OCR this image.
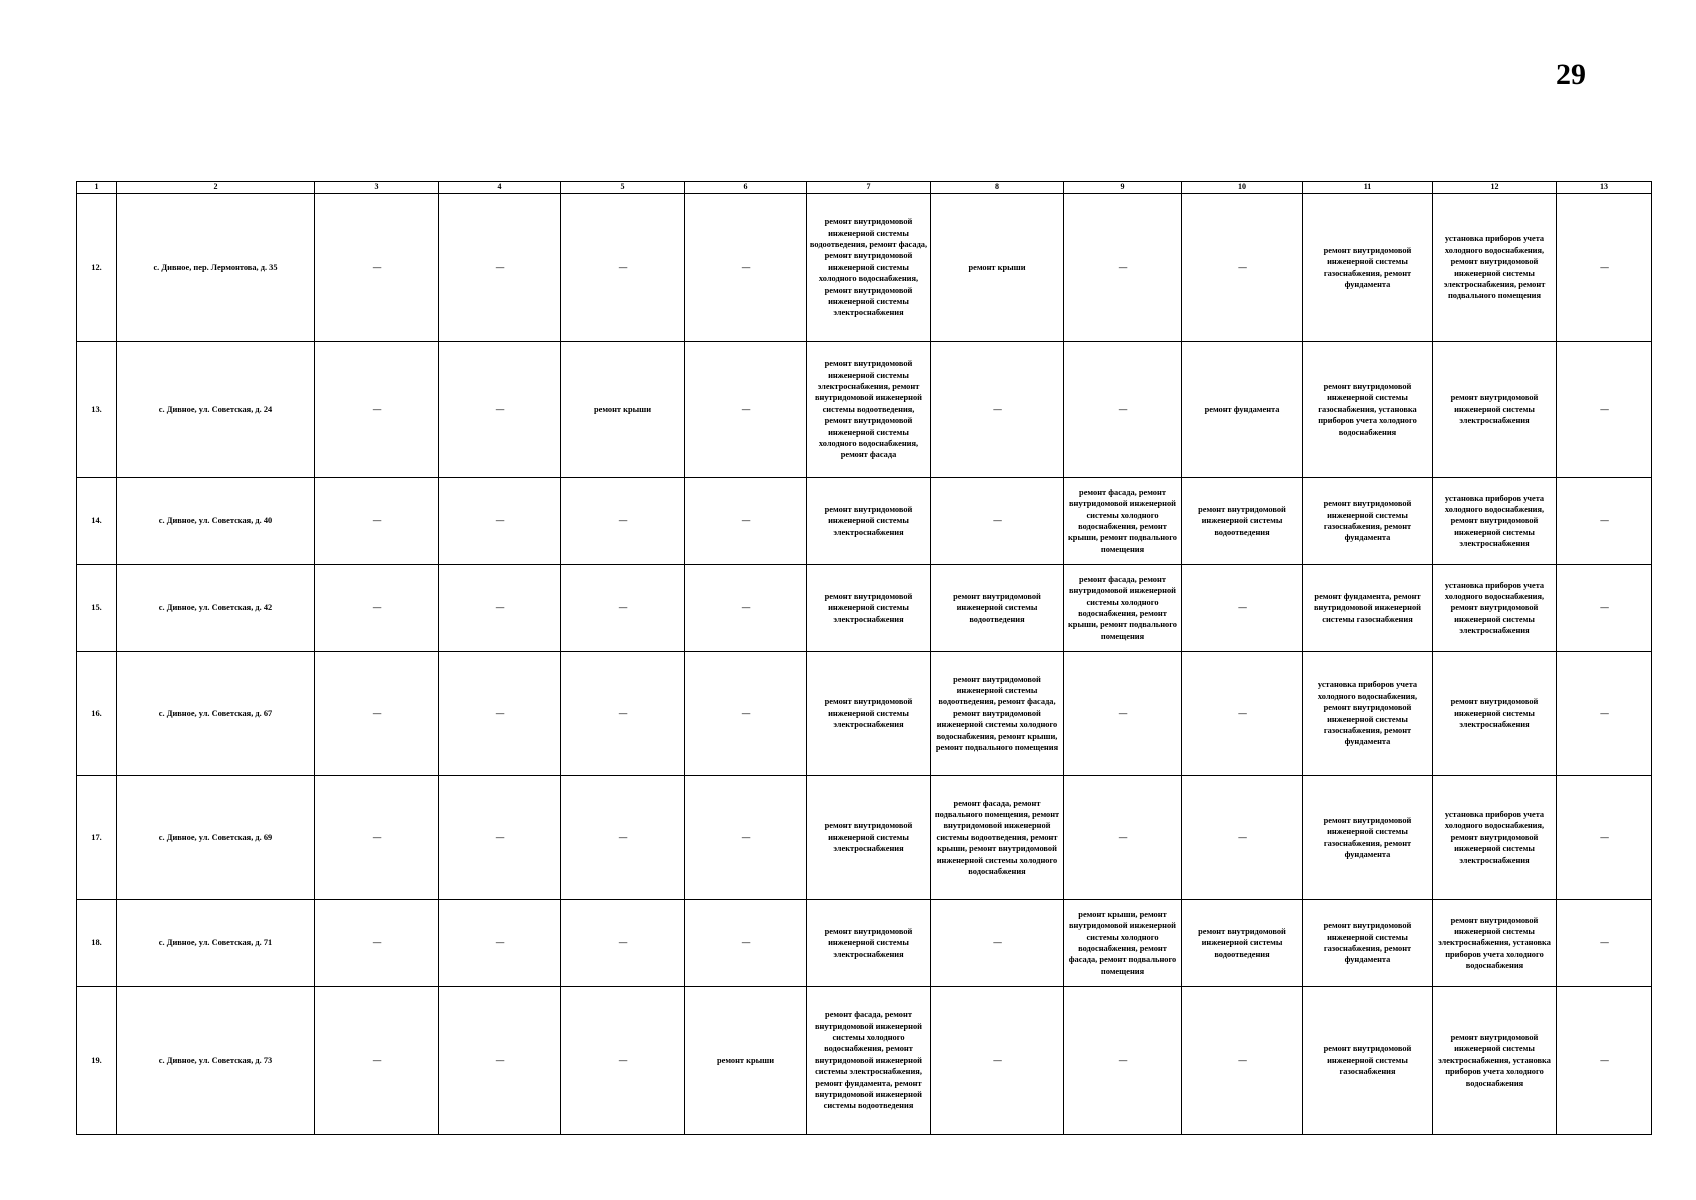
29
1	2	3	4	5	6	7	8	9	10	11	12	13
12.	с. Дивное, пер. Лермонтова, д. 35	—	—	—	—	ремонт внутридомовой инженерной системы водоотведения, ремонт фасада, ремонт внутридомовой инженерной системы холодного водоснабжения, ремонт внутридомовой инженерной системы электроснабжения	ремонт крыши	—	—	ремонт внутридомовой инженерной системы газоснабжения, ремонт фундамента	установка приборов учета холодного водоснабжения, ремонт внутридомовой инженерной системы электроснабжения, ремонт подвального помещения	—
13.	с. Дивное, ул. Советская, д. 24	—	—	ремонт крыши	—	ремонт внутридомовой инженерной системы электроснабжения, ремонт внутридомовой инженерной системы водоотведения, ремонт внутридомовой инженерной системы холодного водоснабжения, ремонт фасада	—	—	ремонт фундамента	ремонт внутридомовой инженерной системы газоснабжения, установка приборов учета холодного водоснабжения	ремонт внутридомовой инженерной системы электроснабжения	—
14.	с. Дивное, ул. Советская, д. 40	—	—	—	—	ремонт внутридомовой инженерной системы электроснабжения	—	ремонт фасада, ремонт внутридомовой инженерной системы холодного водоснабжения, ремонт крыши, ремонт подвального помещения	ремонт внутридомовой инженерной системы водоотведения	ремонт внутридомовой инженерной системы газоснабжения, ремонт фундамента	установка приборов учета холодного водоснабжения, ремонт внутридомовой инженерной системы электроснабжения	—
15.	с. Дивное, ул. Советская, д. 42	—	—	—	—	ремонт внутридомовой инженерной системы электроснабжения	ремонт внутридомовой инженерной системы водоотведения	ремонт фасада, ремонт внутридомовой инженерной системы холодного водоснабжения, ремонт крыши, ремонт подвального помещения	—	ремонт фундамента, ремонт внутридомовой инженерной системы газоснабжения	установка приборов учета холодного водоснабжения, ремонт внутридомовой инженерной системы электроснабжения	—
16.	с. Дивное, ул. Советская, д. 67	—	—	—	—	ремонт внутридомовой инженерной системы электроснабжения	ремонт внутридомовой инженерной системы водоотведения, ремонт фасада, ремонт внутридомовой инженерной системы холодного водоснабжения, ремонт крыши, ремонт подвального помещения	—	—	установка приборов учета холодного водоснабжения, ремонт внутридомовой инженерной системы газоснабжения, ремонт фундамента	ремонт внутридомовой инженерной системы электроснабжения	—
17.	с. Дивное, ул. Советская, д. 69	—	—	—	—	ремонт внутридомовой инженерной системы электроснабжения	ремонт фасада, ремонт подвального помещения, ремонт внутридомовой инженерной системы водоотведения, ремонт крыши, ремонт внутридомовой инженерной системы холодного водоснабжения	—	—	ремонт внутридомовой инженерной системы газоснабжения, ремонт фундамента	установка приборов учета холодного водоснабжения, ремонт внутридомовой инженерной системы электроснабжения	—
18.	с. Дивное, ул. Советская, д. 71	—	—	—	—	ремонт внутридомовой инженерной системы электроснабжения	—	ремонт крыши, ремонт внутридомовой инженерной системы холодного водоснабжения, ремонт фасада, ремонт подвального помещения	ремонт внутридомовой инженерной системы водоотведения	ремонт внутридомовой инженерной системы газоснабжения, ремонт фундамента	ремонт внутридомовой инженерной системы электроснабжения, установка приборов учета холодного водоснабжения	—
19.	с. Дивное, ул. Советская, д. 73	—	—	—	ремонт крыши	ремонт фасада, ремонт внутридомовой инженерной системы холодного водоснабжения, ремонт внутридомовой инженерной системы электроснабжения, ремонт фундамента, ремонт внутридомовой инженерной системы водоотведения	—	—	—	ремонт внутридомовой инженерной системы газоснабжения	ремонт внутридомовой инженерной системы электроснабжения, установка приборов учета холодного водоснабжения	—
